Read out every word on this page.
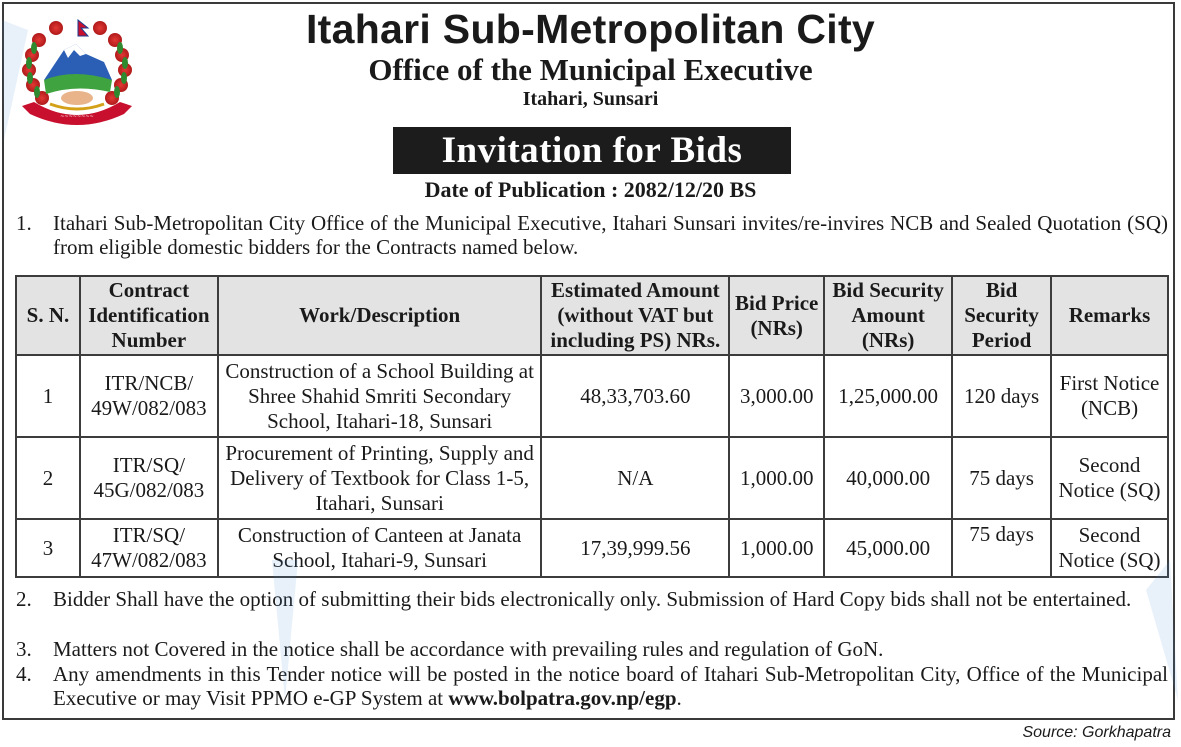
~~~~~~~~
Itahari Sub-Metropolitan City
Office of the Municipal Executive
Itahari, Sunsari
Invitation for Bids
Date of Publication : 2082/12/20 BS
1. Itahari Sub-Metropolitan City Office of the Municipal Executive, Itahari Sunsari invites/re-invires NCB and Sealed Quotation (SQ) from eligible domestic bidders for the Contracts named below.
S. N.	Contract Identification Number	Work/Description	Estimated Amount (without VAT but including PS) NRs.	Bid Price (NRs)	Bid Security Amount (NRs)	Bid Security Period	Remarks
1	ITR/NCB/ 49W/082/083	Construction of a School Building at Shree Shahid Smriti Secondary School, Itahari-18, Sunsari	48,33,703.60	3,000.00	1,25,000.00	120 days	First Notice (NCB)
2	ITR/SQ/ 45G/082/083	Procurement of Printing, Supply and Delivery of Textbook for Class 1-5, Itahari, Sunsari	N/A	1,000.00	40,000.00	75 days	Second Notice (SQ)
3	ITR/SQ/ 47W/082/083	Construction of Canteen at Janata School, Itahari-9, Sunsari	17,39,999.56	1,000.00	45,000.00	75 days	Second Notice (SQ)
2. Bidder Shall have the option of submitting their bids electronically only. Submission of Hard Copy bids shall not be entertained.
3. Matters not Covered in the notice shall be accordance with prevailing rules and regulation of GoN.
4. Any amendments in this Tender notice will be posted in the notice board of Itahari Sub-Metropolitan City, Office of the Municipal Executive or may Visit PPMO e-GP System at www.bolpatra.gov.np/egp.
Source: Gorkhapatra
